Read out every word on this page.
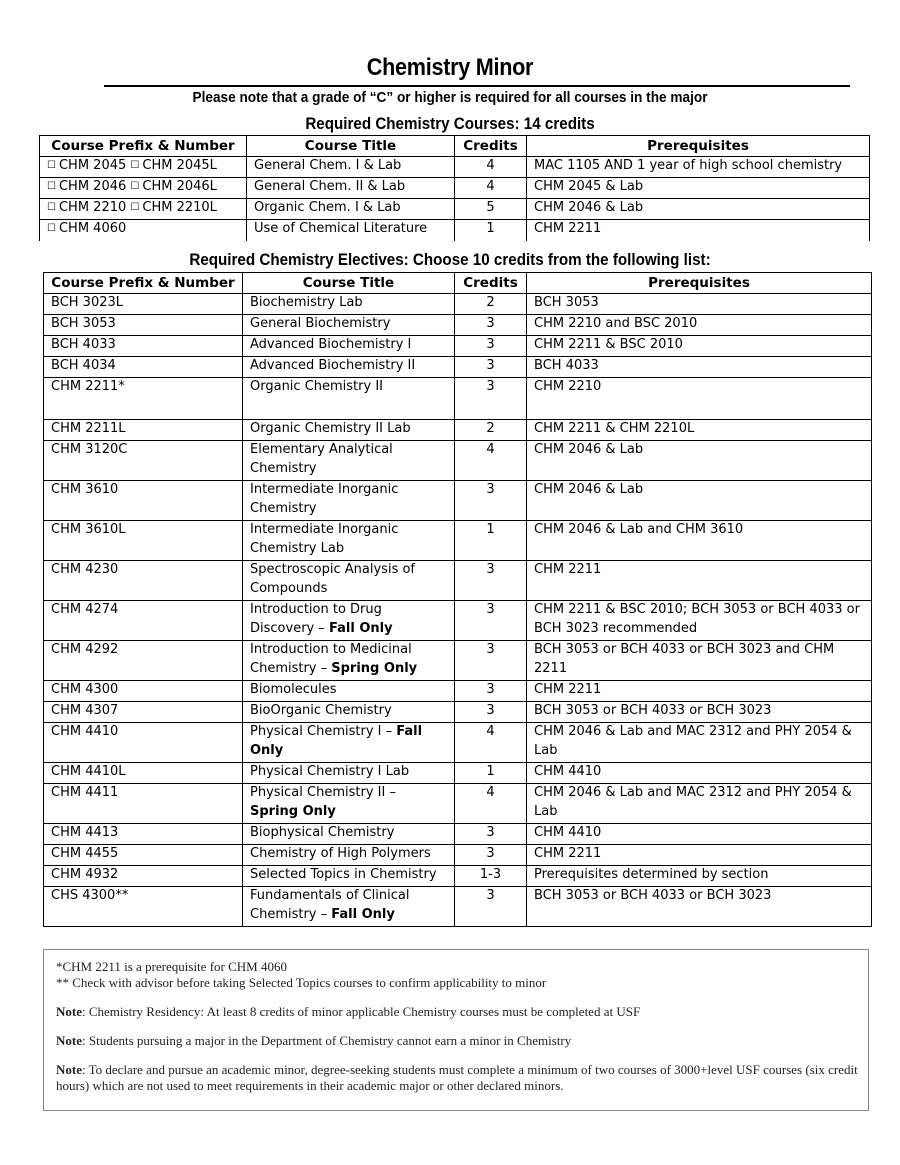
Chemistry Minor
Please note that a grade of “C” or higher is required for all courses in the major
Required Chemistry Courses: 14 credits
Course Prefix & Number	Course Title	Credits	Prerequisites
☐ CHM 2045 ☐ CHM 2045L	General Chem. I & Lab	4	MAC 1105 AND 1 year of high school chemistry
☐ CHM 2046 ☐ CHM 2046L	General Chem. II & Lab	4	CHM 2045 & Lab
☐ CHM 2210 ☐ CHM 2210L	Organic Chem. I & Lab	5	CHM 2046 & Lab
☐ CHM 4060	Use of Chemical Literature	1	CHM 2211
Required Chemistry Electives: Choose 10 credits from the following list:
Course Prefix & Number	Course Title	Credits	Prerequisites
BCH 3023L	Biochemistry Lab	2	BCH 3053
BCH 3053	General Biochemistry	3	CHM 2210 and BSC 2010
BCH 4033	Advanced Biochemistry I	3	CHM 2211 & BSC 2010
BCH 4034	Advanced Biochemistry II	3	BCH 4033
CHM 2211*	Organic Chemistry II	3	CHM 2210
CHM 2211L	Organic Chemistry II Lab	2	CHM 2211 & CHM 2210L
CHM 3120C	Elementary Analytical Chemistry	4	CHM 2046 & Lab
CHM 3610	Intermediate Inorganic Chemistry	3	CHM 2046 & Lab
CHM 3610L	Intermediate Inorganic Chemistry Lab	1	CHM 2046 & Lab and CHM 3610
CHM 4230	Spectroscopic Analysis of Compounds	3	CHM 2211
CHM 4274	Introduction to Drug Discovery – Fall Only	3	CHM 2211 & BSC 2010; BCH 3053 or BCH 4033 or BCH 3023 recommended
CHM 4292	Introduction to Medicinal Chemistry – Spring Only	3	BCH 3053 or BCH 4033 or BCH 3023 and CHM 2211
CHM 4300	Biomolecules	3	CHM 2211
CHM 4307	BioOrganic Chemistry	3	BCH 3053 or BCH 4033 or BCH 3023
CHM 4410	Physical Chemistry I – Fall Only	4	CHM 2046 & Lab and MAC 2312 and PHY 2054 & Lab
CHM 4410L	Physical Chemistry I Lab	1	CHM 4410
CHM 4411	Physical Chemistry II – Spring Only	4	CHM 2046 & Lab and MAC 2312 and PHY 2054 & Lab
CHM 4413	Biophysical Chemistry	3	CHM 4410
CHM 4455	Chemistry of High Polymers	3	CHM 2211
CHM 4932	Selected Topics in Chemistry	1-3	Prerequisites determined by section
CHS 4300**	Fundamentals of Clinical Chemistry – Fall Only	3	BCH 3053 or BCH 4033 or BCH 3023

*CHM 2211 is a prerequisite for CHM 4060

** Check with advisor before taking Selected Topics courses to confirm applicability to minor

Note: Chemistry Residency: At least 8 credits of minor applicable Chemistry courses must be completed at USF

Note: Students pursuing a major in the Department of Chemistry cannot earn a minor in Chemistry

Note: To declare and pursue an academic minor, degree-seeking students must complete a minimum of two courses of 3000+level USF courses (six credit hours) which are not used to meet requirements in their academic major or other declared minors.
